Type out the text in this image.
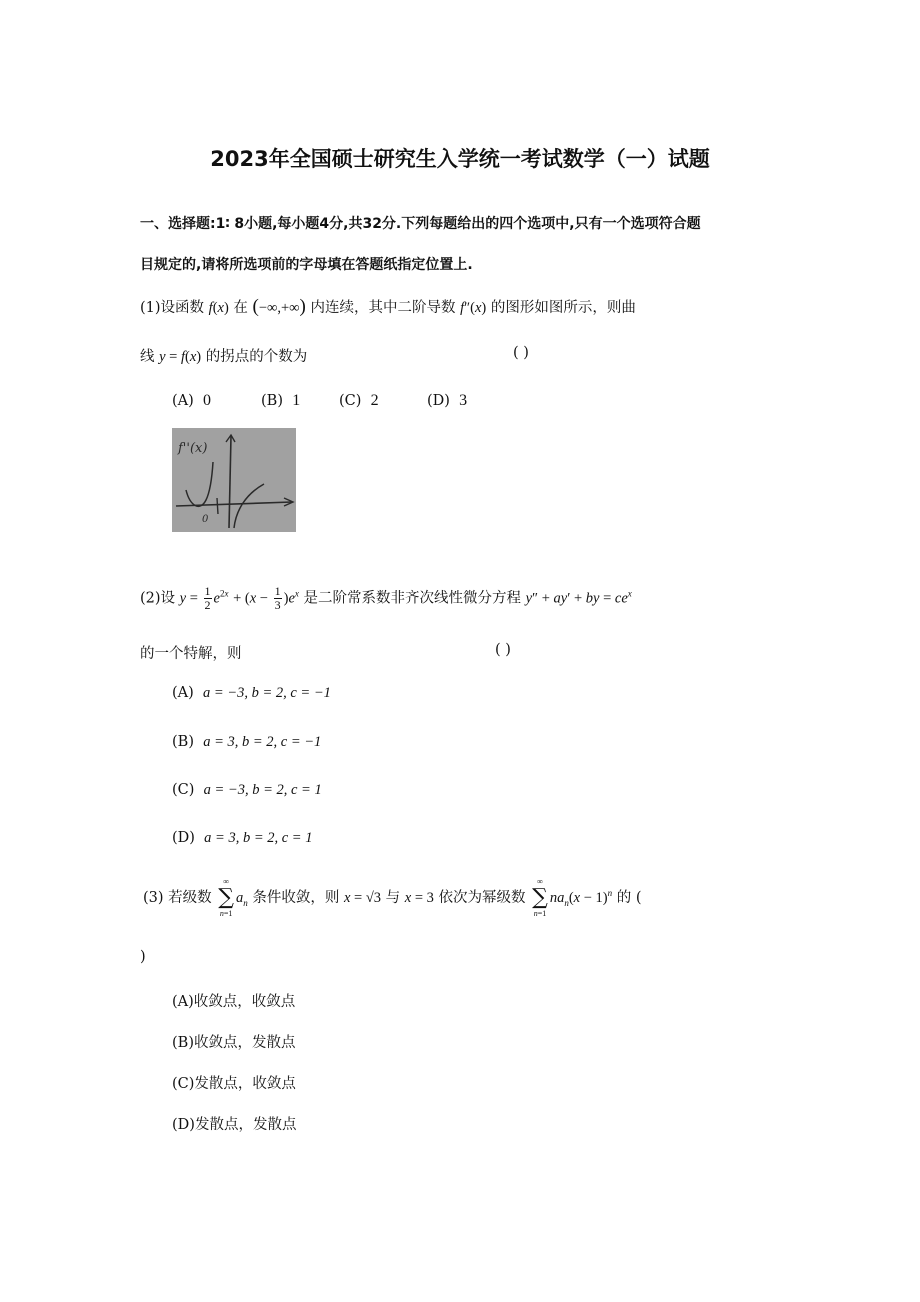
2023年全国硕士研究生入学统一考试数学（一）试题
一、选择题:1∶ 8小题,每小题4分,共32分.下列每题给出的四个选项中,只有一个选项符合题
目规定的,请将所选项前的字母填在答题纸指定位置上.
(1)设函数 f(x) 在 (−∞,+∞) 内连续，其中二阶导数 f″(x) 的图形如图所示，则曲
线 y = f(x) 的拐点的个数为	( )
(A) 0	(B) 1	(C) 2	(D) 3
f''(x)
0
(2)设 $y = \frac{1}{2} e^{2x} + (x - \frac{1}{3} )e^x$ 是二阶常系数非齐次线性微分方程 y″ + ay′ + by = $ce^x$
的一个特解，则	( )
(A) a = −3, b = 2, c = −1
(B) a = 3, b = 2, c = −1
(C) a = −3, b = 2, c = 1
(D) a = 3, b = 2, c = 1
(3) 若级数
∞
∑
n=1
$a_n$ 条件收敛，则 x = √3 与 x = 3 依次为幂级数
∞
∑
n=1
$na_n(x - 1)^n$ 的 (
)
(A)收敛点，收敛点
(B)收敛点，发散点
(C)发散点，收敛点
(D)发散点，发散点
